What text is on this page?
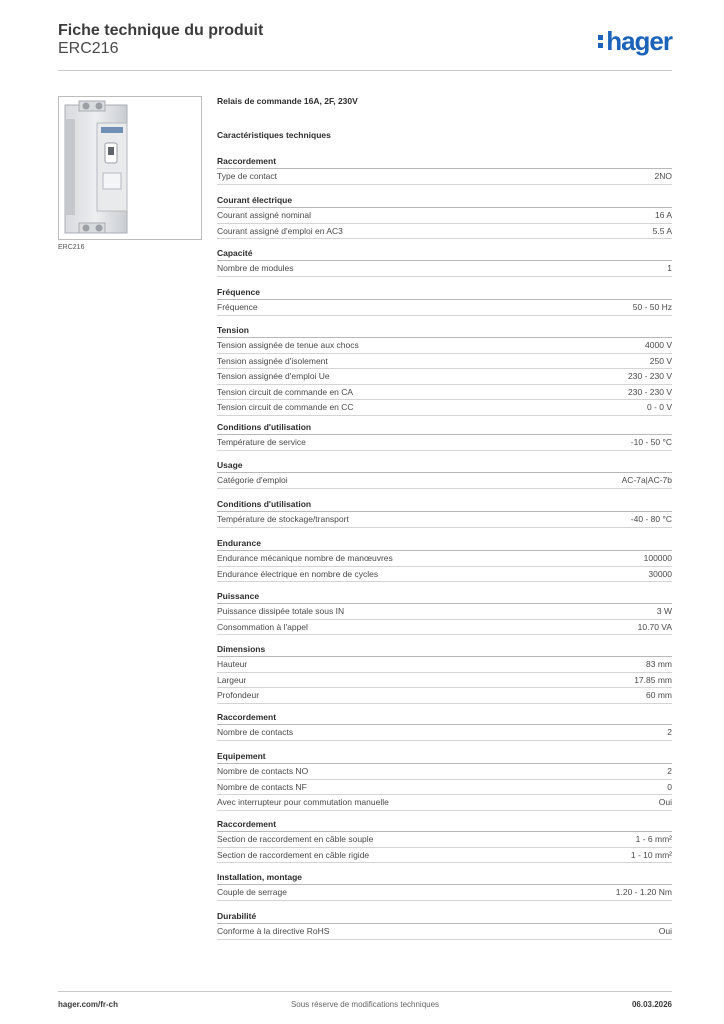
Fiche technique du produit
ERC216	hager
ERC216
Relais de commande 16A, 2F, 230V
Caractéristiques techniques
Raccordement
Type de contact	2NO
Courant électrique
Courant assigné nominal	16 A
Courant assigné d'emploi en AC3	5.5 A
Capacité
Nombre de modules	1
Fréquence
Fréquence	50 - 50 Hz
Tension
Tension assignée de tenue aux chocs	4000 V
Tension assignée d'isolement	250 V
Tension assignée d'emploi Ue	230 - 230 V
Tension circuit de commande en CA	230 - 230 V
Tension circuit de commande en CC	0 - 0 V
Conditions d'utilisation
Température de service	-10 - 50 °C
Usage
Catégorie d'emploi	AC-7a|AC-7b
Conditions d'utilisation
Température de stockage/transport	-40 - 80 °C
Endurance
Endurance mécanique nombre de manœuvres	100000
Endurance électrique en nombre de cycles	30000
Puissance
Puissance dissipée totale sous IN	3 W
Consommation à l'appel	10.70 VA
Dimensions
Hauteur	83 mm
Largeur	17.85 mm
Profondeur	60 mm
Raccordement
Nombre de contacts	2
Equipement
Nombre de contacts NO	2
Nombre de contacts NF	0
Avec interrupteur pour commutation manuelle	Oui
Raccordement
Section de raccordement en câble souple	1 - 6 mm²
Section de raccordement en câble rigide	1 - 10 mm²
Installation, montage
Couple de serrage	1.20 - 1.20 Nm
Durabilité
Conforme à la directive RoHS	Oui
hager.com/fr-ch	Sous réserve de modifications techniques	06.03.2026
